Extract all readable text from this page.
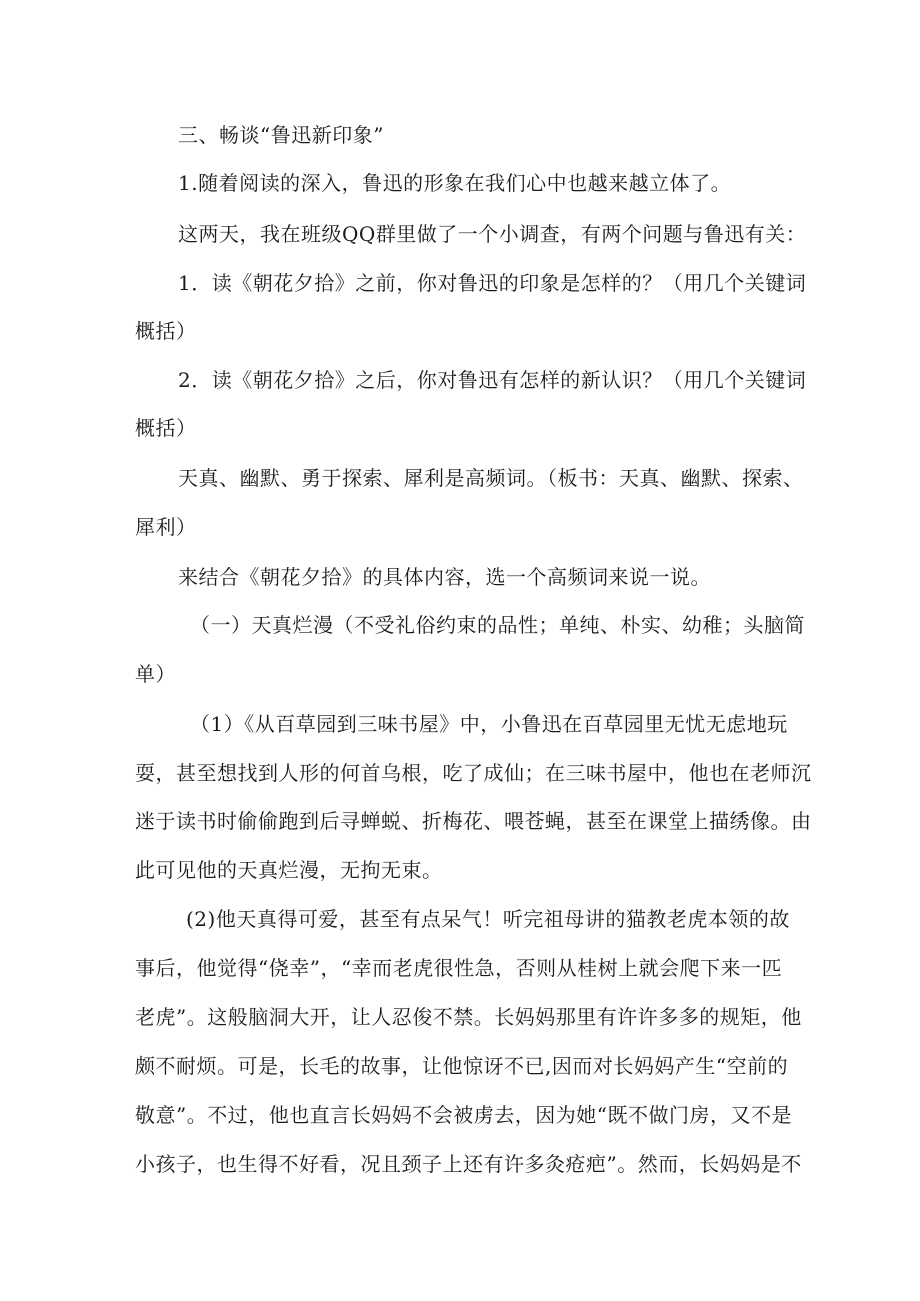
三、畅谈“鲁迅新印象”
1.随着阅读的深入，鲁迅的形象在我们心中也越来越立体了。
这两天，我在班级QQ群里做了一个小调查，有两个问题与鲁迅有关：
1．读《朝花夕拾》之前，你对鲁迅的印象是怎样的？（用几个关键词
概括）
2．读《朝花夕拾》之后，你对鲁迅有怎样的新认识？（用几个关键词
概括）
天真、幽默、勇于探索、犀利是高频词。（板书：天真、幽默、探索、
犀利）
来结合《朝花夕拾》的具体内容，选一个高频词来说一说。
（一）天真烂漫（不受礼俗约束的品性；单纯、朴实、幼稚；头脑简
单）
（1）《从百草园到三味书屋》中，小鲁迅在百草园里无忧无虑地玩
耍，甚至想找到人形的何首乌根，吃了成仙；在三味书屋中，他也在老师沉
迷于读书时偷偷跑到后寻蝉蜕、折梅花、喂苍蝇，甚至在课堂上描绣像。由
此可见他的天真烂漫，无拘无束。
(2)他天真得可爱，甚至有点呆气！听完祖母讲的猫教老虎本领的故
事后，他觉得“侥幸”，“幸而老虎很性急，否则从桂树上就会爬下来一匹
老虎”。这般脑洞大开，让人忍俊不禁。长妈妈那里有许许多多的规矩，他
颇不耐烦。可是，长毛的故事，让他惊讶不已,因而对长妈妈产生“空前的
敬意”。不过，他也直言长妈妈不会被虏去，因为她“既不做门房，又不是
小孩子，也生得不好看，况且颈子上还有许多灸疮疤”。然而，长妈妈是不
